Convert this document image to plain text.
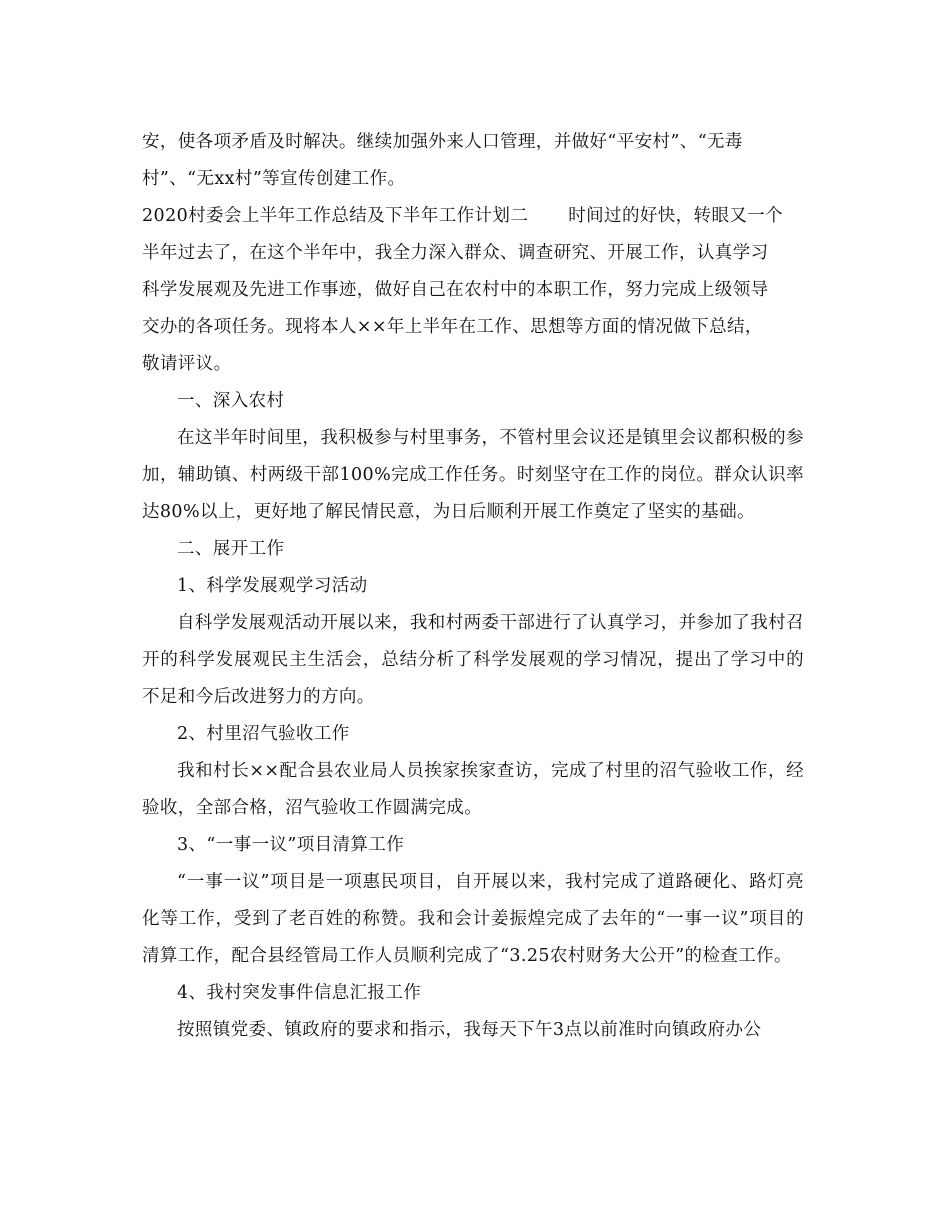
安，使各项矛盾及时解决。继续加强外来人口管理，并做好“平安村”、“无毒
村”、“无xx村”等宣传创建工作。

2020村委会上半年工作总结及下半年工作计划二 时间过的好快，转眼又一个
半年过去了，在这个半年中，我全力深入群众、调查研究、开展工作，认真学习
科学发展观及先进工作事迹，做好自己在农村中的本职工作，努力完成上级领导
交办的各项任务。现将本人××年上半年在工作、思想等方面的情况做下总结，
敬请评议。

一、深入农村

在这半年时间里，我积极参与村里事务，不管村里会议还是镇里会议都积极的参加，辅助镇、村两级干部100%完成工作任务。时刻坚守在工作的岗位。群众认识率达80%以上，更好地了解民情民意，为日后顺利开展工作奠定了坚实的基础。

二、展开工作

1、科学发展观学习活动

自科学发展观活动开展以来，我和村两委干部进行了认真学习，并参加了我村召开的科学发展观民主生活会，总结分析了科学发展观的学习情况，提出了学习中的不足和今后改进努力的方向。

2、村里沼气验收工作

我和村长××配合县农业局人员挨家挨家查访，完成了村里的沼气验收工作，经验收，全部合格，沼气验收工作圆满完成。

3、“一事一议”项目清算工作

“一事一议”项目是一项惠民项目，自开展以来，我村完成了道路硬化、路灯亮化等工作，受到了老百姓的称赞。我和会计姜振煌完成了去年的“一事一议”项目的清算工作，配合县经管局工作人员顺利完成了“3.25农村财务大公开”的检查工作。

4、我村突发事件信息汇报工作

按照镇党委、镇政府的要求和指示，我每天下午3点以前准时向镇政府办公
